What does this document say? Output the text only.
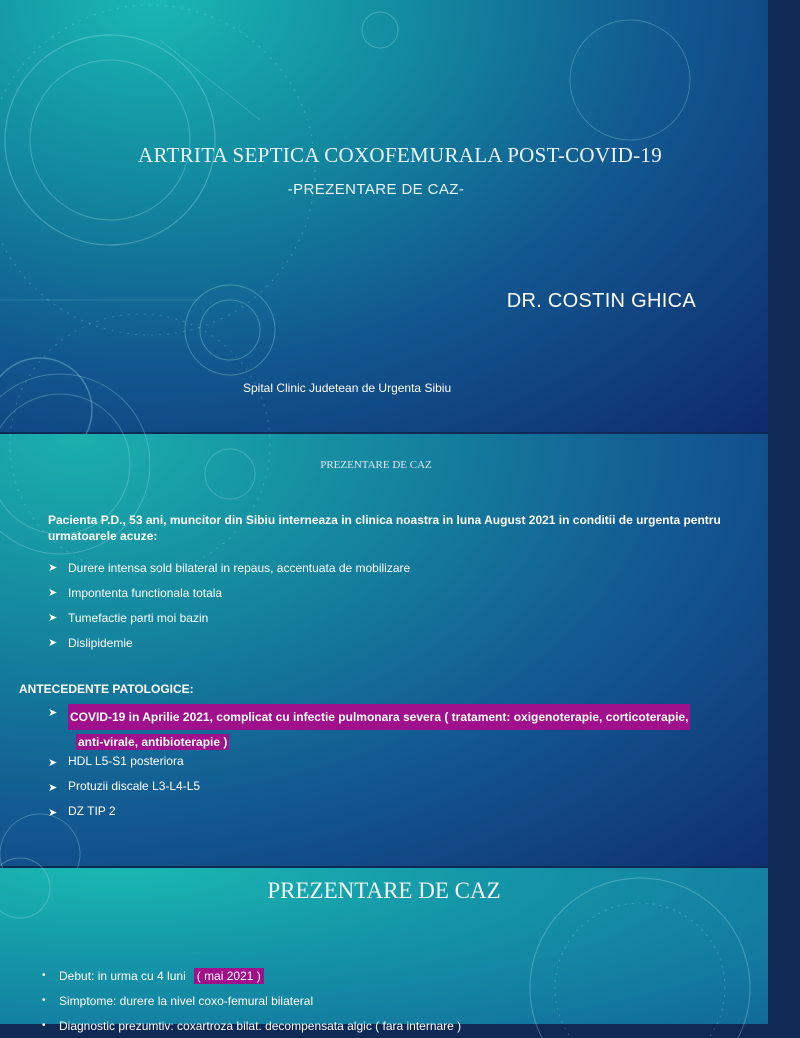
ARTRITA SEPTICA COXOFEMURALA POST-COVID-19
-PREZENTARE DE CAZ-
DR. COSTIN GHICA
Spital Clinic Judetean de Urgenta Sibiu
PREZENTARE DE CAZ
Pacienta P.D., 53 ani, muncitor din Sibiu interneaza in clinica noastra in luna August 2021 in conditii de urgenta pentru urmatoarele acuze:
➤ Durere intensa sold bilateral in repaus, accentuata de mobilizare
➤ Impontenta functionala totala
➤ Tumefactie parti moi bazin
➤ Dislipidemie
ANTECEDENTE PATOLOGICE:
➤	COVID-19 in Aprilie 2021, complicat cu infectie pulmonara severa ( tratament: oxigenoterapie, corticoterapie,
anti-virale, antibioterapie )
➤ HDL L5-S1 posteriora
➤ Protuzii discale L3-L4-L5
➤ DZ TIP 2
PREZENTARE DE CAZ
•	Debut: in urma cu 4 luni ( mai 2021 )
•	Simptome: durere la nivel coxo-femural bilateral
•	Diagnostic prezumtiv: coxartroza bilat. decompensata algic ( fara internare )
